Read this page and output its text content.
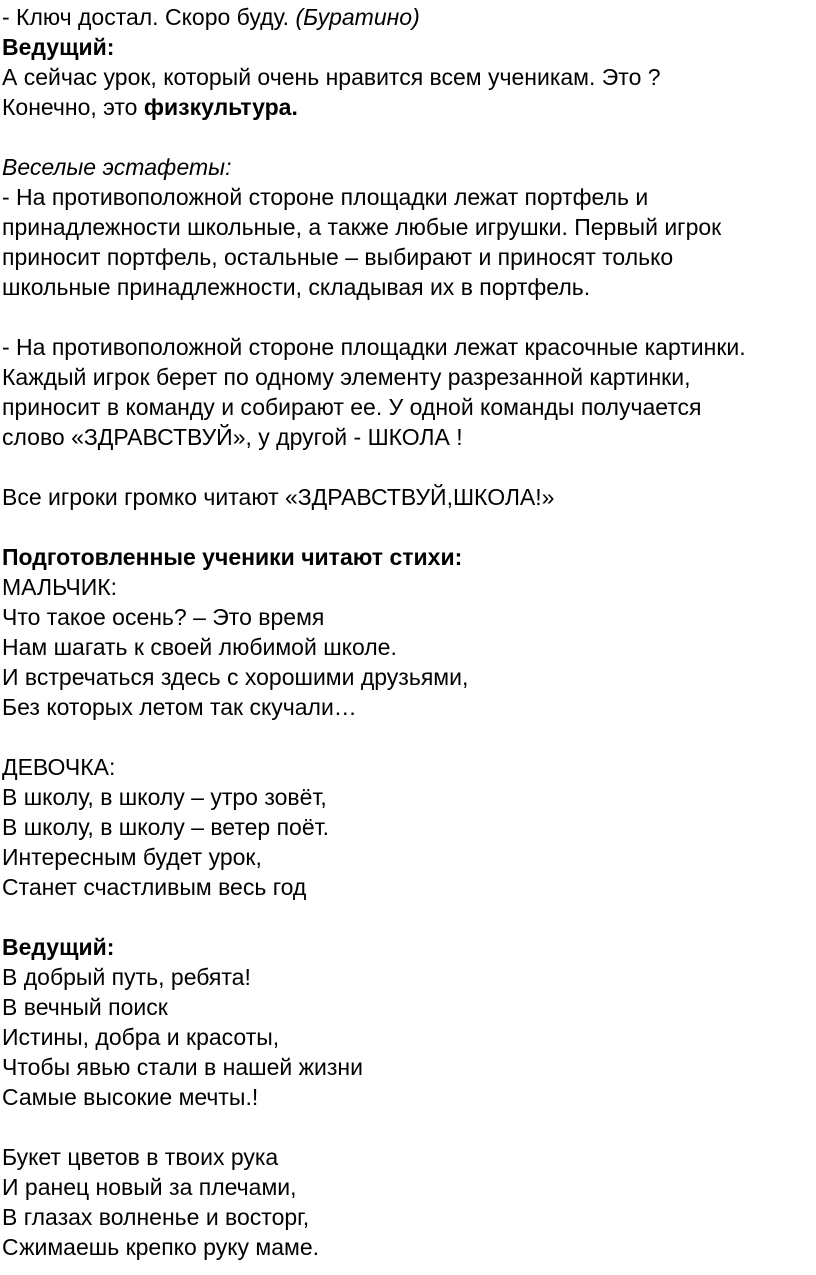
- Ключ достал. Скоро буду. (Буратино)
Ведущий:
А сейчас урок, который очень нравится всем ученикам. Это ?
Конечно, это физкультура.
Веселые эстафеты:
- На противоположной стороне площадки лежат портфель и
принадлежности школьные, а также любые игрушки. Первый игрок
приносит портфель, остальные – выбирают и приносят только
школьные принадлежности, складывая их в портфель.
- На противоположной стороне площадки лежат красочные картинки.
Каждый игрок берет по одному элементу разрезанной картинки,
приносит в команду и собирают ее. У одной команды получается
слово «ЗДРАВСТВУЙ», у другой - ШКОЛА !
Все игроки громко читают «ЗДРАВСТВУЙ,ШКОЛА!»
Подготовленные ученики читают стихи:
МАЛЬЧИК:
Что такое осень? – Это время
Нам шагать к своей любимой школе.
И встречаться здесь с хорошими друзьями,
Без которых летом так скучали…
ДЕВОЧКА:
В школу, в школу – утро зовёт,
В школу, в школу – ветер поёт.
Интересным будет урок,
Станет счастливым весь год
Ведущий:
В добрый путь, ребята!
В вечный поиск
Истины, добра и красоты,
Чтобы явью стали в нашей жизни
Самые высокие мечты.!
Букет цветов в твоих рука
И ранец новый за плечами,
В глазах волненье и восторг,
Сжимаешь крепко руку маме.
